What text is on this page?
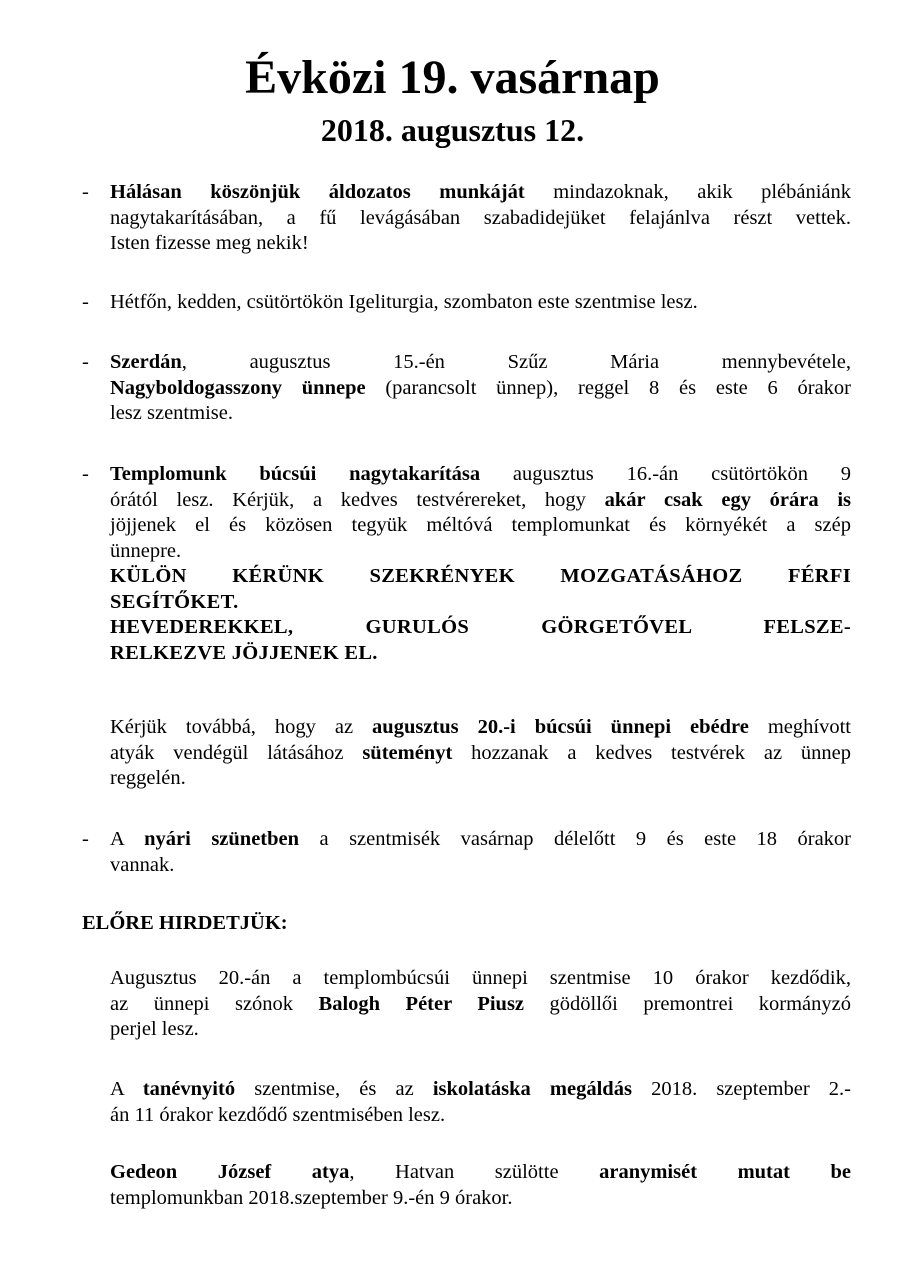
Évközi 19. vasárnap
2018. augusztus 12.
- Hálásan köszönjük áldozatos munkáját mindazoknak, akik plébániánk
nagytakarításában, a fű levágásában szabadidejüket felajánlva részt vettek.
Isten fizesse meg nekik!
- Hétfőn, kedden, csütörtökön Igeliturgia, szombaton este szentmise lesz.
- Szerdán, augusztus 15.-én Szűz Mária mennybevétele,
Nagyboldogasszony ünnepe (parancsolt ünnep), reggel 8 és este 6 órakor
lesz szentmise.
- Templomunk búcsúi nagytakarítása augusztus 16.-án csütörtökön 9
órától lesz. Kérjük, a kedves testvérereket, hogy akár csak egy órára is
jöjjenek el és közösen tegyük méltóvá templomunkat és környékét a szép
ünnepre.
KÜLÖN KÉRÜNK SZEKRÉNYEK MOZGATÁSÁHOZ FÉRFI
SEGÍTŐKET.
HEVEDEREKKEL, GURULÓS GÖRGETŐVEL FELSZE-
RELKEZVE JÖJJENEK EL.
Kérjük továbbá, hogy az augusztus 20.-i búcsúi ünnepi ebédre meghívott
atyák vendégül látásához süteményt hozzanak a kedves testvérek az ünnep
reggelén.
- A nyári szünetben a szentmisék vasárnap délelőtt 9 és este 18 órakor
vannak.
ELŐRE HIRDETJÜK:
Augusztus 20.-án a templombúcsúi ünnepi szentmise 10 órakor kezdődik,
az ünnepi szónok Balogh Péter Piusz gödöllői premontrei kormányzó
perjel lesz.
A tanévnyitó szentmise, és az iskolatáska megáldás 2018. szeptember 2.-
án 11 órakor kezdődő szentmisében lesz.
Gedeon József atya, Hatvan szülötte aranymisét mutat be
templomunkban 2018.szeptember 9.-én 9 órakor.
